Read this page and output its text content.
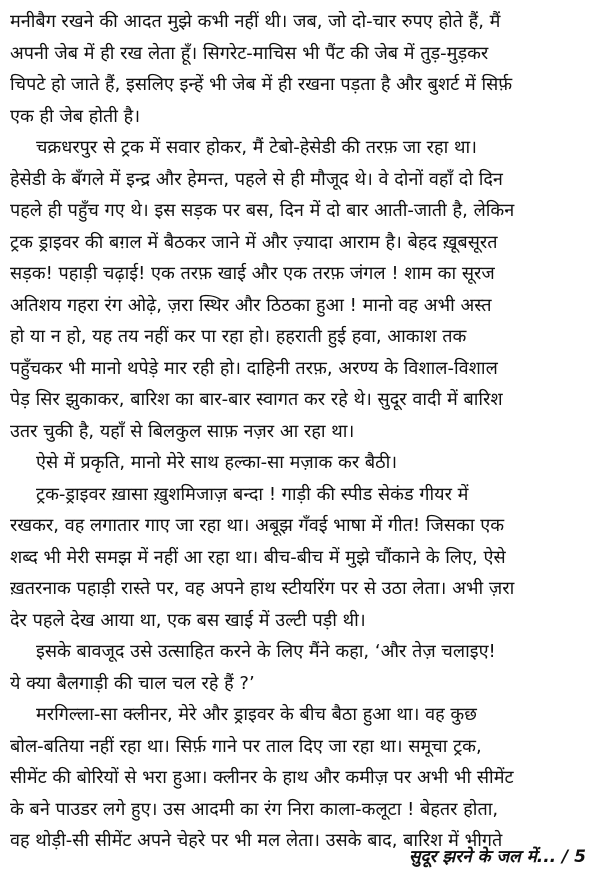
मनीबैग रखने की आदत मुझे कभी नहीं थी। जब, जो दो-चार रुपए होते हैं, मैं
अपनी जेब में ही रख लेता हूँ। सिगरेट-माचिस भी पैंट की जेब में तुड़-मुड़कर
चिपटे हो जाते हैं, इसलिए इन्हें भी जेब में ही रखना पड़ता है और बुशर्ट में सिर्फ़
एक ही जेब होती है।
चक्रधरपुर से ट्रक में सवार होकर, मैं टेबो-हेसेडी की तरफ़ जा रहा था।
हेसेडी के बँगले में इन्द्र और हेमन्त, पहले से ही मौजूद थे। वे दोनों वहाँ दो दिन
पहले ही पहुँच गए थे। इस सड़क पर बस, दिन में दो बार आती-जाती है, लेकिन
ट्रक ड्राइवर की बग़ल में बैठकर जाने में और ज़्यादा आराम है। बेहद ख़ूबसूरत
सड़क! पहाड़ी चढ़ाई! एक तरफ़ खाई और एक तरफ़ जंगल ! शाम का सूरज
अतिशय गहरा रंग ओढ़े, ज़रा स्थिर और ठिठका हुआ ! मानो वह अभी अस्त
हो या न हो, यह तय नहीं कर पा रहा हो। हहराती हुई हवा, आकाश तक
पहुँचकर भी मानो थपेड़े मार रही हो। दाहिनी तरफ़, अरण्य के विशाल-विशाल
पेड़ सिर झुकाकर, बारिश का बार-बार स्वागत कर रहे थे। सुदूर वादी में बारिश
उतर चुकी है, यहाँ से बिलकुल साफ़ नज़र आ रहा था।
ऐसे में प्रकृति, मानो मेरे साथ हल्का-सा मज़ाक कर बैठी।
ट्रक-ड्राइवर ख़ासा ख़ुशमिजाज़ बन्दा ! गाड़ी की स्पीड सेकंड गीयर में
रखकर, वह लगातार गाए जा रहा था। अबूझ गँवई भाषा में गीत! जिसका एक
शब्द भी मेरी समझ में नहीं आ रहा था। बीच-बीच में मुझे चौंकाने के लिए, ऐसे
ख़तरनाक पहाड़ी रास्ते पर, वह अपने हाथ स्टीयरिंग पर से उठा लेता। अभी ज़रा
देर पहले देख आया था, एक बस खाई में उल्टी पड़ी थी।
इसके बावजूद उसे उत्साहित करने के लिए मैंने कहा, ‘और तेज़ चलाइए!
ये क्या बैलगाड़ी की चाल चल रहे हैं ?’
मरगिल्ला-सा क्लीनर, मेरे और ड्राइवर के बीच बैठा हुआ था। वह कुछ
बोल-बतिया नहीं रहा था। सिर्फ़ गाने पर ताल दिए जा रहा था। समूचा ट्रक,
सीमेंट की बोरियों से भरा हुआ। क्लीनर के हाथ और कमीज़ पर अभी भी सीमेंट
के बने पाउडर लगे हुए। उस आदमी का रंग निरा काला-कलूटा ! बेहतर होता,
वह थोड़ी-सी सीमेंट अपने चेहरे पर भी मल लेता। उसके बाद, बारिश में भीगते
सुदूर झरने के जल में... / 5
